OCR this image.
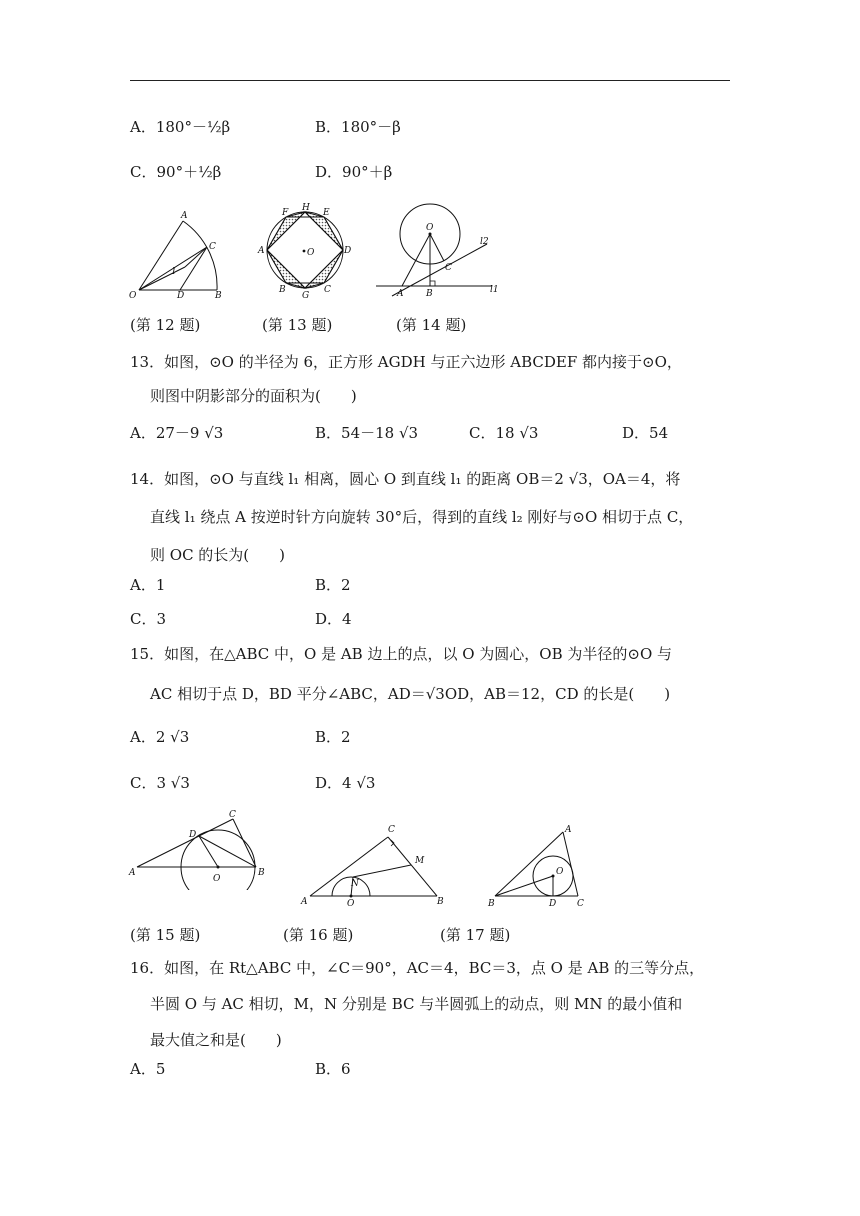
A．180°－½β	B．180°－β
C．90°＋½β	D．90°＋β
A
C
I
O	D	B
F H E
A	O	D
B
G
C
O
l2
C
A	B	l1
(第 12 题)	(第 13 题)	(第 14 题)
13．如图，⊙O 的半径为 6，正方形 AGDH 与正六边形 ABCDEF 都内接于⊙O，
则图中阴影部分的面积为(　　)
A．27－9 √3	B．54－18 √3	C．18 √3	D．54
14．如图，⊙O 与直线 l₁ 相离，圆心 O 到直线 l₁ 的距离 OB＝2 √3，OA＝4，将
直线 l₁ 绕点 A 按逆时针方向旋转 30°后，得到的直线 l₂ 刚好与⊙O 相切于点 C，
则 OC 的长为(　　)
A．1	B．2
C．3	D．4
15．如图，在△ABC 中，O 是 AB 边上的点，以 O 为圆心，OB 为半径的⊙O 与
AC 相切于点 D，BD 平分∠ABC，AD＝√3OD，AB＝12，CD 的长是(　　)
A．2 √3	B．2
C．3 √3	D．4 √3
C
D
A
O
B
C
M
N
A	O	B
A
O
B	D C
(第 15 题)	(第 16 题)	(第 17 题)
16．如图，在 Rt△ABC 中，∠C＝90°，AC＝4，BC＝3，点 O 是 AB 的三等分点，
半圆 O 与 AC 相切，M，N 分别是 BC 与半圆弧上的动点，则 MN 的最小值和
最大值之和是(　　)
A．5	B．6
